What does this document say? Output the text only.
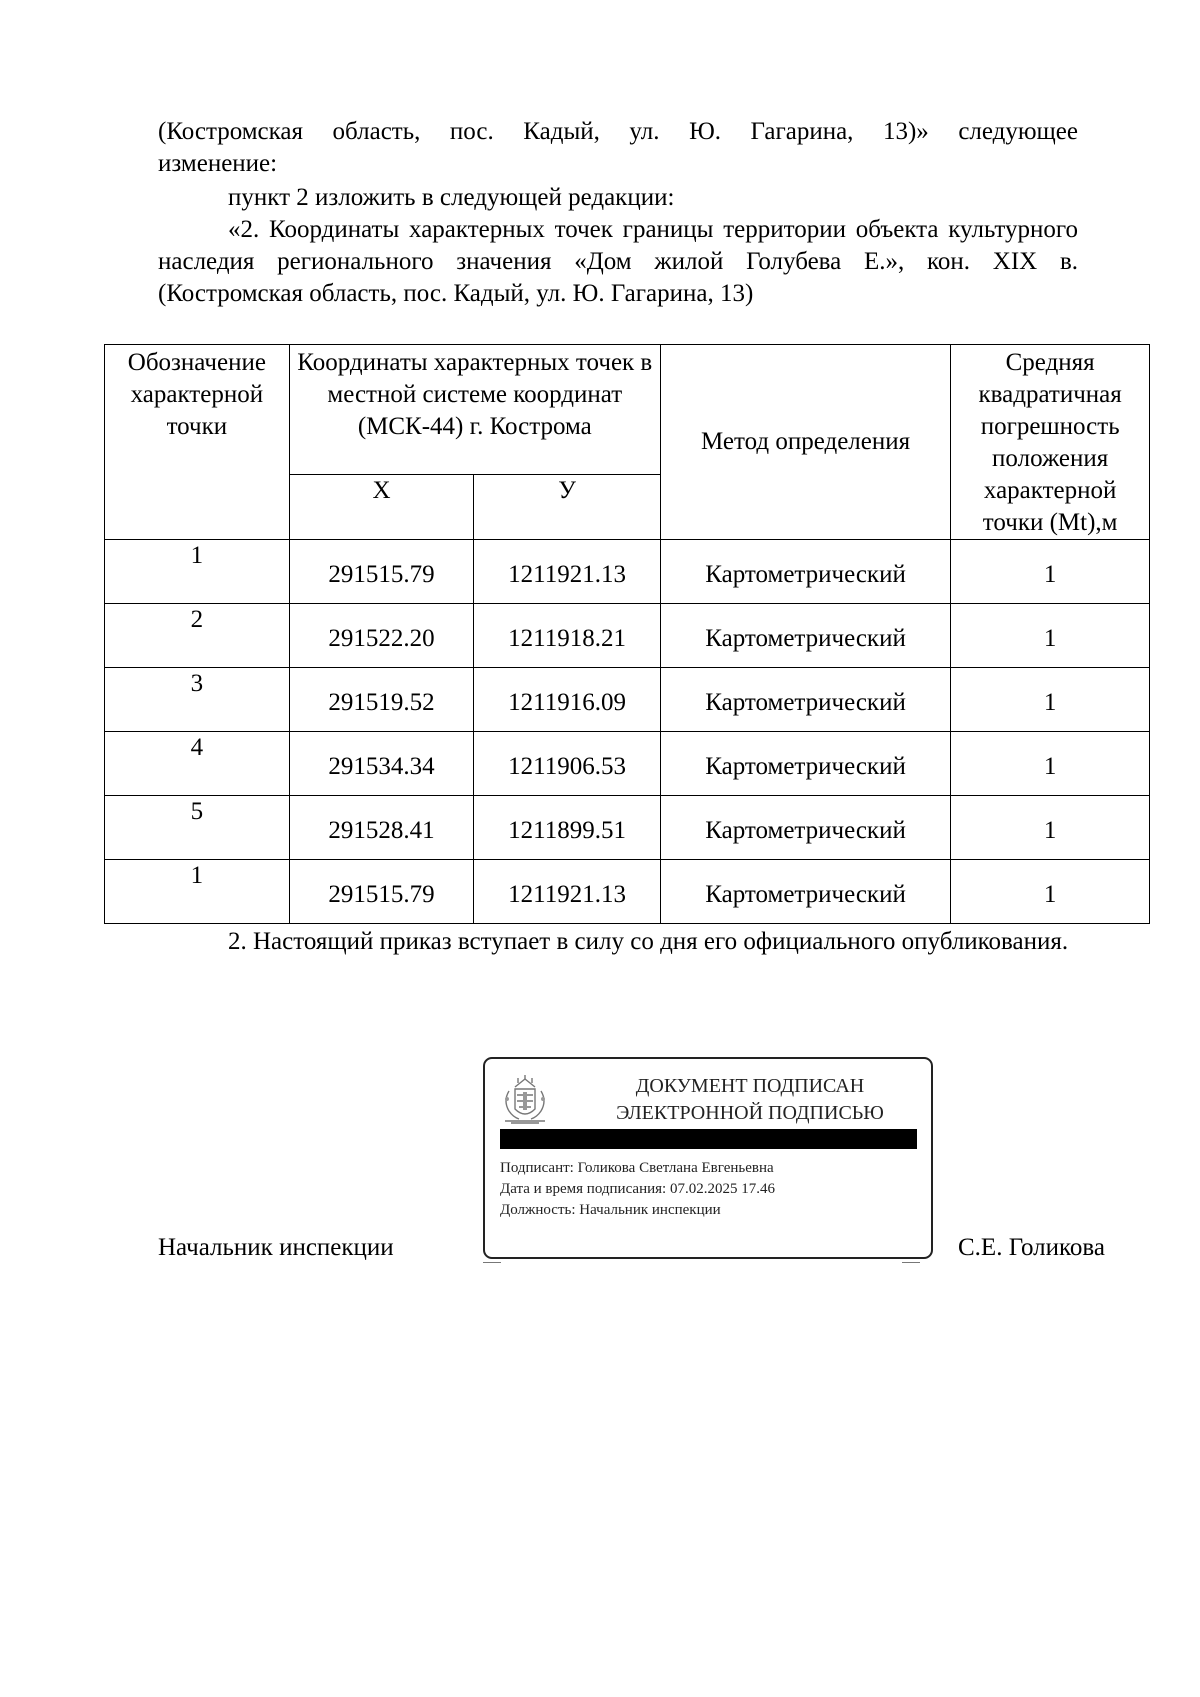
(Костромская область, пос. Кадый, ул. Ю. Гагарина, 13)» следующее
изменение:
пункт 2 изложить в следующей редакции:
«2. Координаты характерных точек границы территории объекта культурного наследия регионального значения «Дом жилой Голубева Е.», кон. XIX в. (Костромская область, пос. Кадый, ул. Ю. Гагарина, 13)
Обозначение характерной точки	Координаты характерных точек в местной системе координат (МСК-44) г. Кострома		Метод определения	Средняя квадратичная погрешность положения характерной точки (Mt),м
	Х	У		
1	291515.79	1211921.13	Картометрический	1
2	291522.20	1211918.21	Картометрический	1
3	291519.52	1211916.09	Картометрический	1
4	291534.34	1211906.53	Картометрический	1
5	291528.41	1211899.51	Картометрический	1
1	291515.79	1211921.13	Картометрический	1
2. Настоящий приказ вступает в силу со дня его официального опубликования.
ДОКУМЕНТ ПОДПИСАН
ЭЛЕКТРОННОЙ ПОДПИСЬЮ
Подписант: Голикова Светлана Евгеньевна
Дата и время подписания: 07.02.2025 17.46
Должность: Начальник инспекции
Начальник инспекции	С.Е. Голикова
